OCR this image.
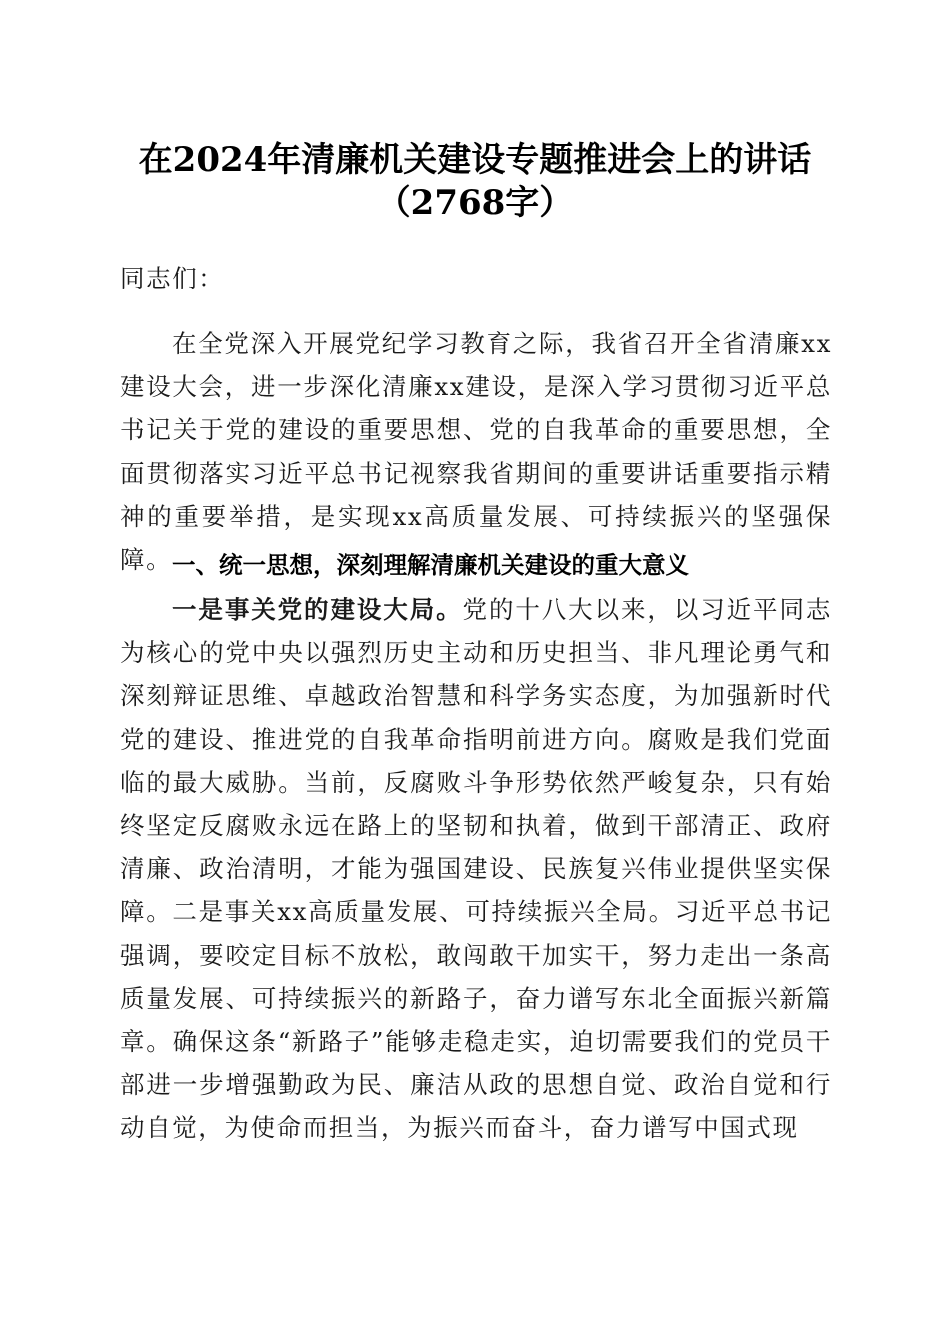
在2024年清廉机关建设专题推进会上的讲话
（2768字）
同志们：
在全党深入开展党纪学习教育之际，我省召开全省清廉xx建设大会，进一步深化清廉xx建设，是深入学习贯彻习近平总书记关于党的建设的重要思想、党的自我革命的重要思想，全面贯彻落实习近平总书记视察我省期间的重要讲话重要指示精神的重要举措，是实现xx高质量发展、可持续振兴的坚强保障。 一、统一思想，深刻理解清廉机关建设的重大意义
一是事关党的建设大局。党的十八大以来，以习近平同志为核心的党中央以强烈历史主动和历史担当、非凡理论勇气和深刻辩证思维、卓越政治智慧和科学务实态度，为加强新时代党的建设、推进党的自我革命指明前进方向。腐败是我们党面临的最大威胁。当前，反腐败斗争形势依然严峻复杂，只有始终坚定反腐败永远在路上的坚韧和执着，做到干部清正、政府清廉、政治清明，才能为强国建设、民族复兴伟业提供坚实保障。二是事关xx高质量发展、可持续振兴全局。习近平总书记强调，要咬定目标不放松，敢闯敢干加实干，努力走出一条高质量发展、可持续振兴的新路子，奋力谱写东北全面振兴新篇章。确保这条“新路子”能够走稳走实，迫切需要我们的党员干部进一步增强勤政为民、廉洁从政的思想自觉、政治自觉和行动自觉，为使命而担当，为振兴而奋斗，奋力谱写中国式现
